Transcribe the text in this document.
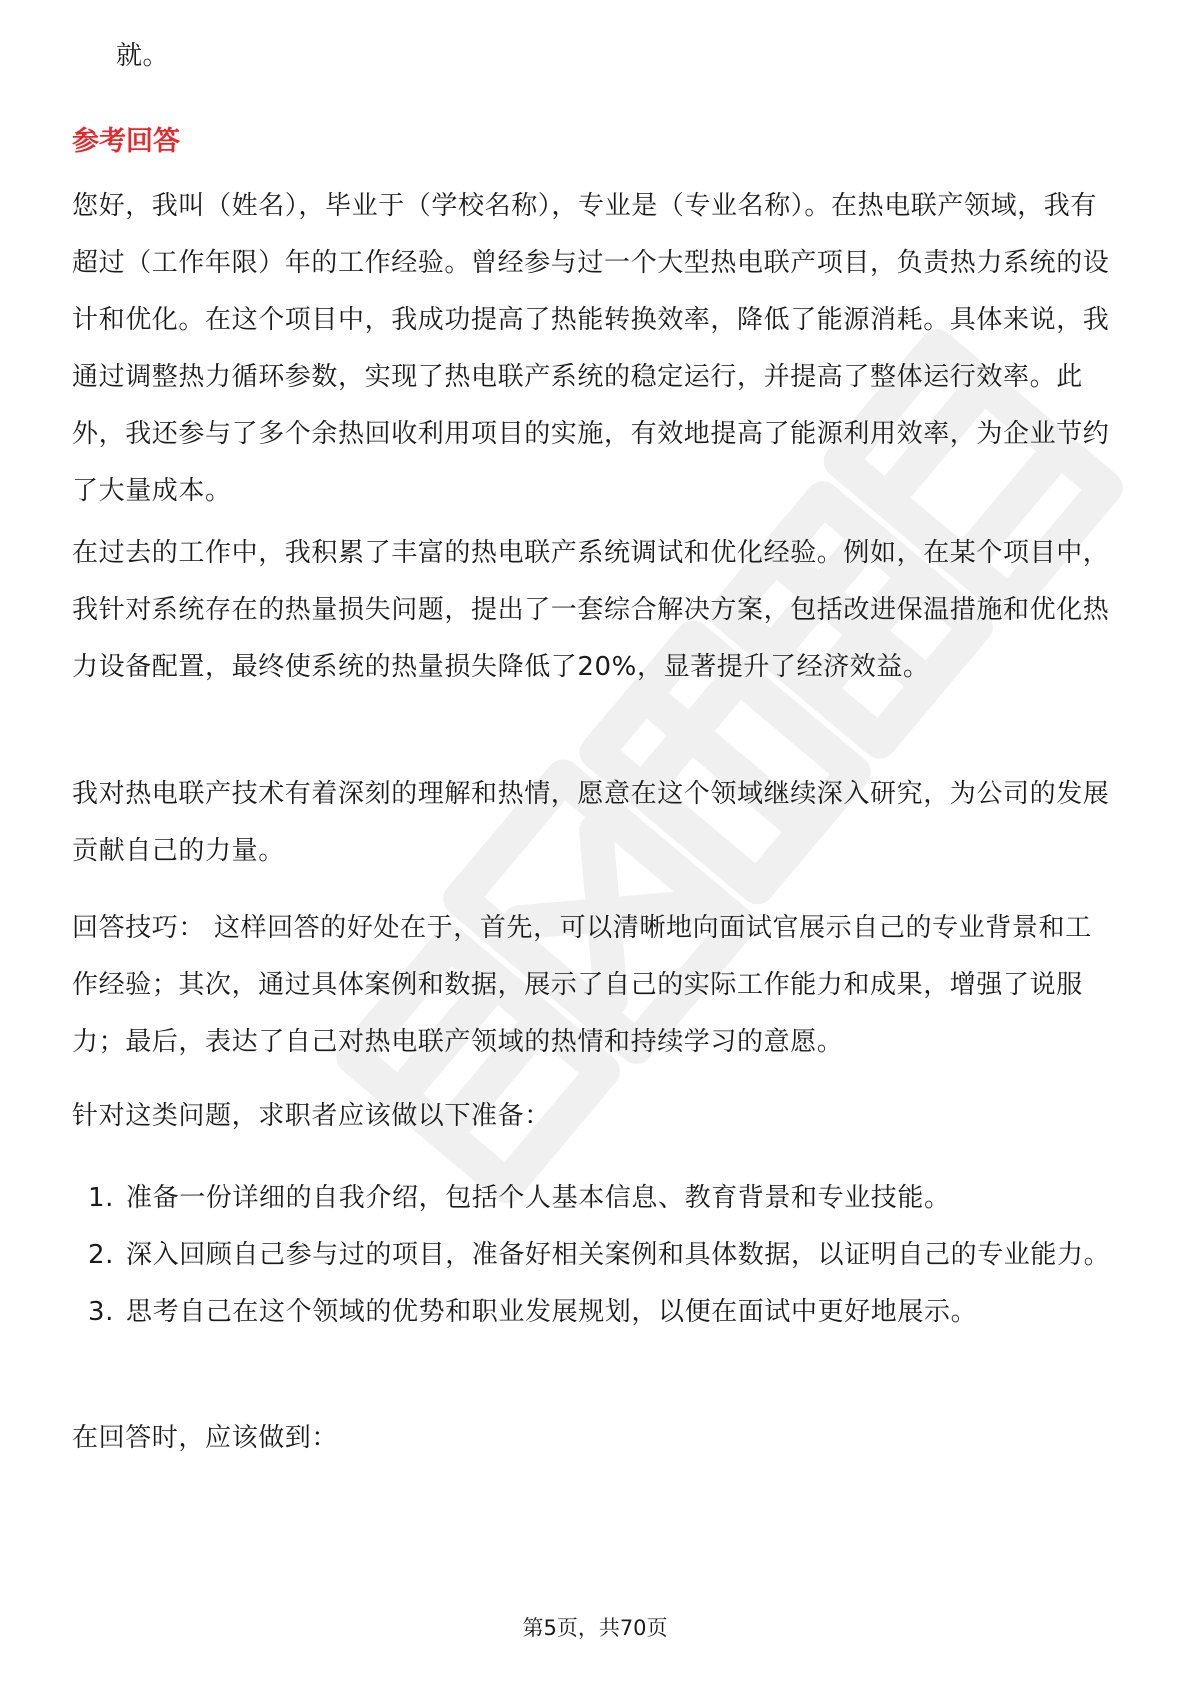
就。
参考回答
您好，我叫（姓名），毕业于（学校名称），专业是（专业名称）。在热电联产领域，我有超过（工作年限）年的工作经验。曾经参与过一个大型热电联产项目，负责热力系统的设计和优化。在这个项目中，我成功提高了热能转换效率，降低了能源消耗。具体来说，我通过调整热力循环参数，实现了热电联产系统的稳定运行，并提高了整体运行效率。此外，我还参与了多个余热回收利用项目的实施，有效地提高了能源利用效率，为企业节约了大量成本。
在过去的工作中，我积累了丰富的热电联产系统调试和优化经验。例如，在某个项目中，我针对系统存在的热量损失问题，提出了一套综合解决方案，包括改进保温措施和优化热力设备配置，最终使系统的热量损失降低了20%，显著提升了经济效益。
我对热电联产技术有着深刻的理解和热情，愿意在这个领域继续深入研究，为公司的发展贡献自己的力量。
回答技巧： 这样回答的好处在于，首先，可以清晰地向面试官展示自己的专业背景和工作经验；其次，通过具体案例和数据，展示了自己的实际工作能力和成果，增强了说服力；最后，表达了自己对热电联产领域的热情和持续学习的意愿。
针对这类问题，求职者应该做以下准备：
1. 准备一份详细的自我介绍，包括个人基本信息、教育背景和专业技能。
2. 深入回顾自己参与过的项目，准备好相关案例和具体数据，以证明自己的专业能力。
3. 思考自己在这个领域的优势和职业发展规划，以便在面试中更好地展示。
在回答时，应该做到：
第5页，共70页
